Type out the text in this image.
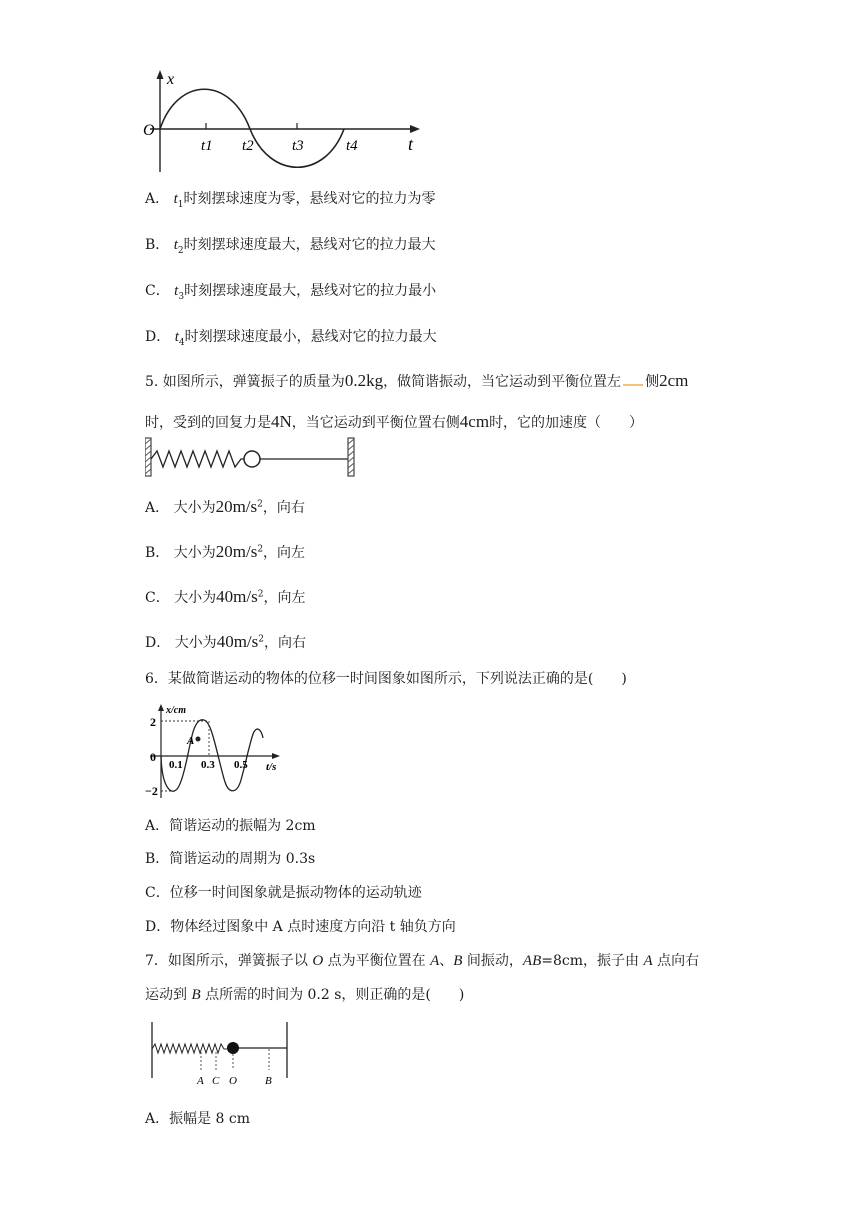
x
t
O
t1 t2	t3	t4
A． $t_1$时刻摆球速度为零，悬线对它的拉力为零
B． $t_2$时刻摆球速度最大，悬线对它的拉力最大
C． $t_3$时刻摆球速度最大，悬线对它的拉力最小
D． $t_4$时刻摆球速度最小，悬线对它的拉力最大
5. 如图所示，弹簧振子的质量为0.2kg，做简谐振动，当它运动到平衡位置左 侧2cm
时，受到的回复力是4N，当它运动到平衡位置右侧4cm时，它的加速度（　　）
A． 大小为$20m/s^2$，向右
B． 大小为$20m/s^2$，向左
C． 大小为$40m/s^2$，向左
D． 大小为$40m/s^2$，向右
6．某做简谐运动的物体的位移一时间图象如图所示，下列说法正确的是(　　)
x/cm
2
0
−2
A
0.1 0.3 0.5 t/s
A．简谐运动的振幅为 2cm
B．简谐运动的周期为 0.3s
C．位移一时间图象就是振动物体的运动轨迹
D．物体经过图象中 A 点时速度方向沿 t 轴负方向
7．如图所示，弹簧振子以 O 点为平衡位置在 A、B 间振动，AB=8cm，振子由 A 点向右
运动到 B 点所需的时间为 0.2 s，则正确的是(　　)
A C O	B
A．振幅是 8 cm
